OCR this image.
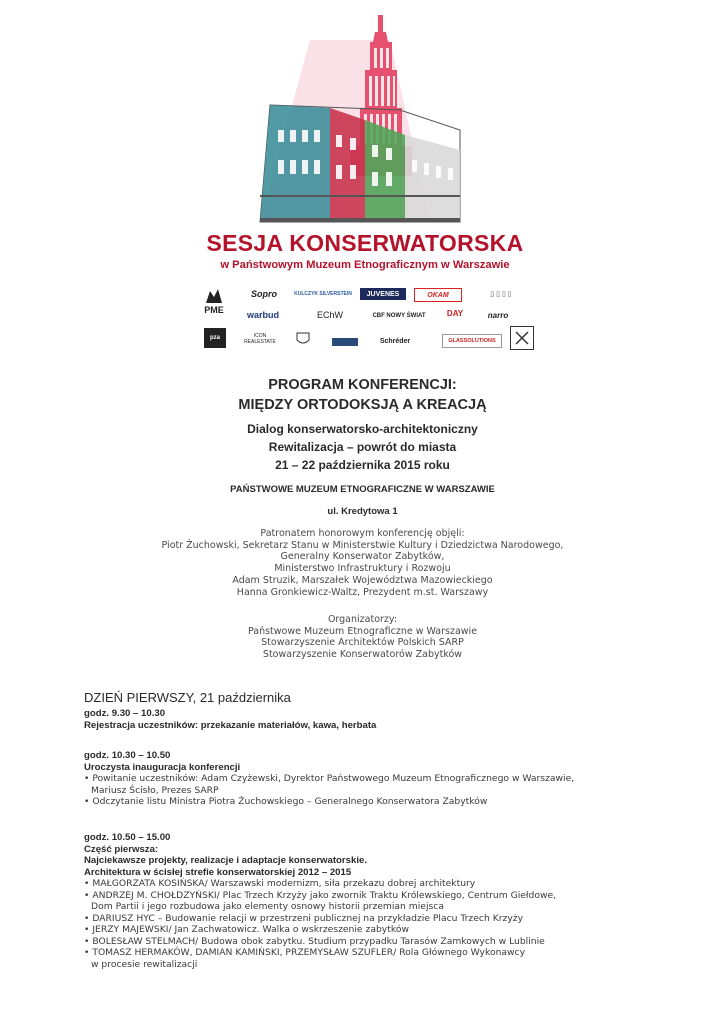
SESJA KONSERWATORSKA
w Państwowym Muzeum Etnograficznym w Warszawie
PME
Sopro	KULCZYK SILVERSTEIN	JUVENES	OKAM	▯ ▯ ▯ ▯
warbud	EChW	CBF NOWY ŚWIAT	DAY	narro
pza	ICON REALESTATE	Schréder	GLASSOLUTIONS
PROGRAM KONFERENCJI:
MIĘDZY ORTODOKSJĄ A KREACJĄ
Dialog konserwatorsko-architektoniczny
Rewitalizacja – powrót do miasta
21 – 22 października 2015 roku
PAŃSTWOWE MUZEUM ETNOGRAFICZNE W WARSZAWIE
ul. Kredytowa 1
Patronatem honorowym konferencję objęli:
Piotr Żuchowski, Sekretarz Stanu w Ministerstwie Kultury i Dziedzictwa Narodowego,
Generalny Konserwator Zabytków,
Ministerstwo Infrastruktury i Rozwoju
Adam Struzik, Marszałek Województwa Mazowieckiego
Hanna Gronkiewicz-Waltz, Prezydent m.st. Warszawy
Organizatorzy:
Państwowe Muzeum Etnograficzne w Warszawie
Stowarzyszenie Architektów Polskich SARP
Stowarzyszenie Konserwatorów Zabytków
DZIEŃ PIERWSZY, 21 października
godz. 9.30 – 10.30
Rejestracja uczestników: przekazanie materiałów, kawa, herbata
godz. 10.30 – 10.50
Uroczysta inauguracja konferencji
• Powitanie uczestników: Adam Czyżewski, Dyrektor Państwowego Muzeum Etnograficznego w Warszawie,
Mariusz Ścisło, Prezes SARP
• Odczytanie listu Ministra Piotra Żuchowskiego – Generalnego Konserwatora Zabytków
godz. 10.50 – 15.00
Część pierwsza:
Najciekawsze projekty, realizacje i adaptacje konserwatorskie.
Architektura w ścisłej strefie konserwatorskiej 2012 – 2015
• MAŁGORZATA KOSIŃSKA/ Warszawski modernizm, siła przekazu dobrej architektury
• ANDRZEJ M. CHOŁDZYŃSKI/ Plac Trzech Krzyży jako zwornik Traktu Królewskiego, Centrum Giełdowe,
Dom Partii i jego rozbudowa jako elementy osnowy historii przemian miejsca
• DARIUSZ HYC – Budowanie relacji w przestrzeni publicznej na przykładzie Placu Trzech Krzyży
• JERZY MAJEWSKI/ Jan Zachwatowicz. Walka o wskrzeszenie zabytków
• BOLESŁAW STELMACH/ Budowa obok zabytku. Studium przypadku Tarasów Zamkowych w Lublinie
• TOMASZ HERMAKÓW, DAMIAN KAMIŃSKI, PRZEMYSŁAW SZUFLER/ Rola Głównego Wykonawcy
w procesie rewitalizacji
